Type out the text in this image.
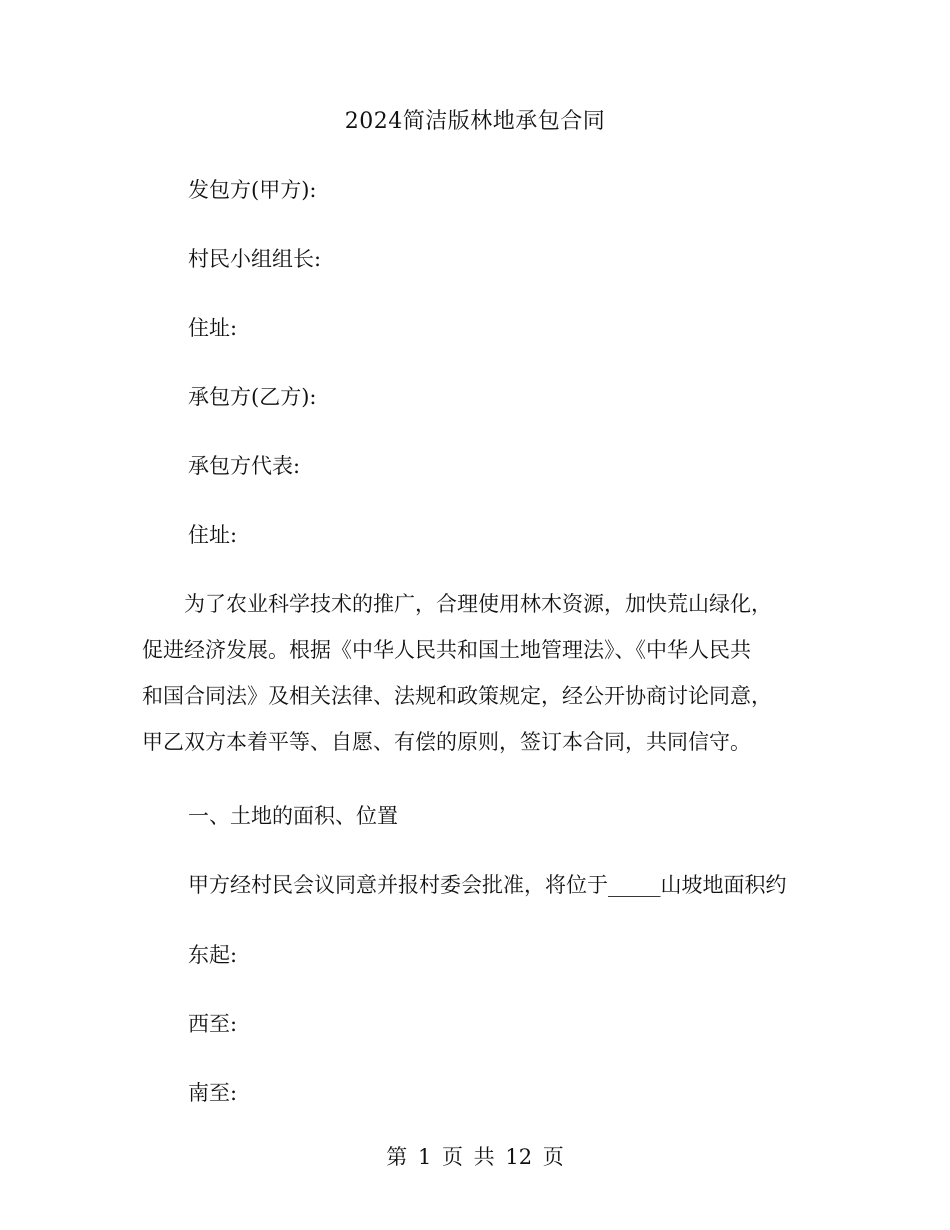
2024简洁版林地承包合同
发包方(甲方):
村民小组组长:
住址:
承包方(乙方):
承包方代表:
住址:
　　为了农业科学技术的推广，合理使用林木资源，加快荒山绿化，
促进经济发展。根据《中华人民共和国土地管理法》、《中华人民共
和国合同法》及相关法律、法规和政策规定，经公开协商讨论同意，
甲乙双方本着平等、自愿、有偿的原则，签订本合同，共同信守。
一、土地的面积、位置
甲方经村民会议同意并报村委会批准，将位于_____山坡地面积约
东起:
西至:
南至:
第 1 页 共 12 页
